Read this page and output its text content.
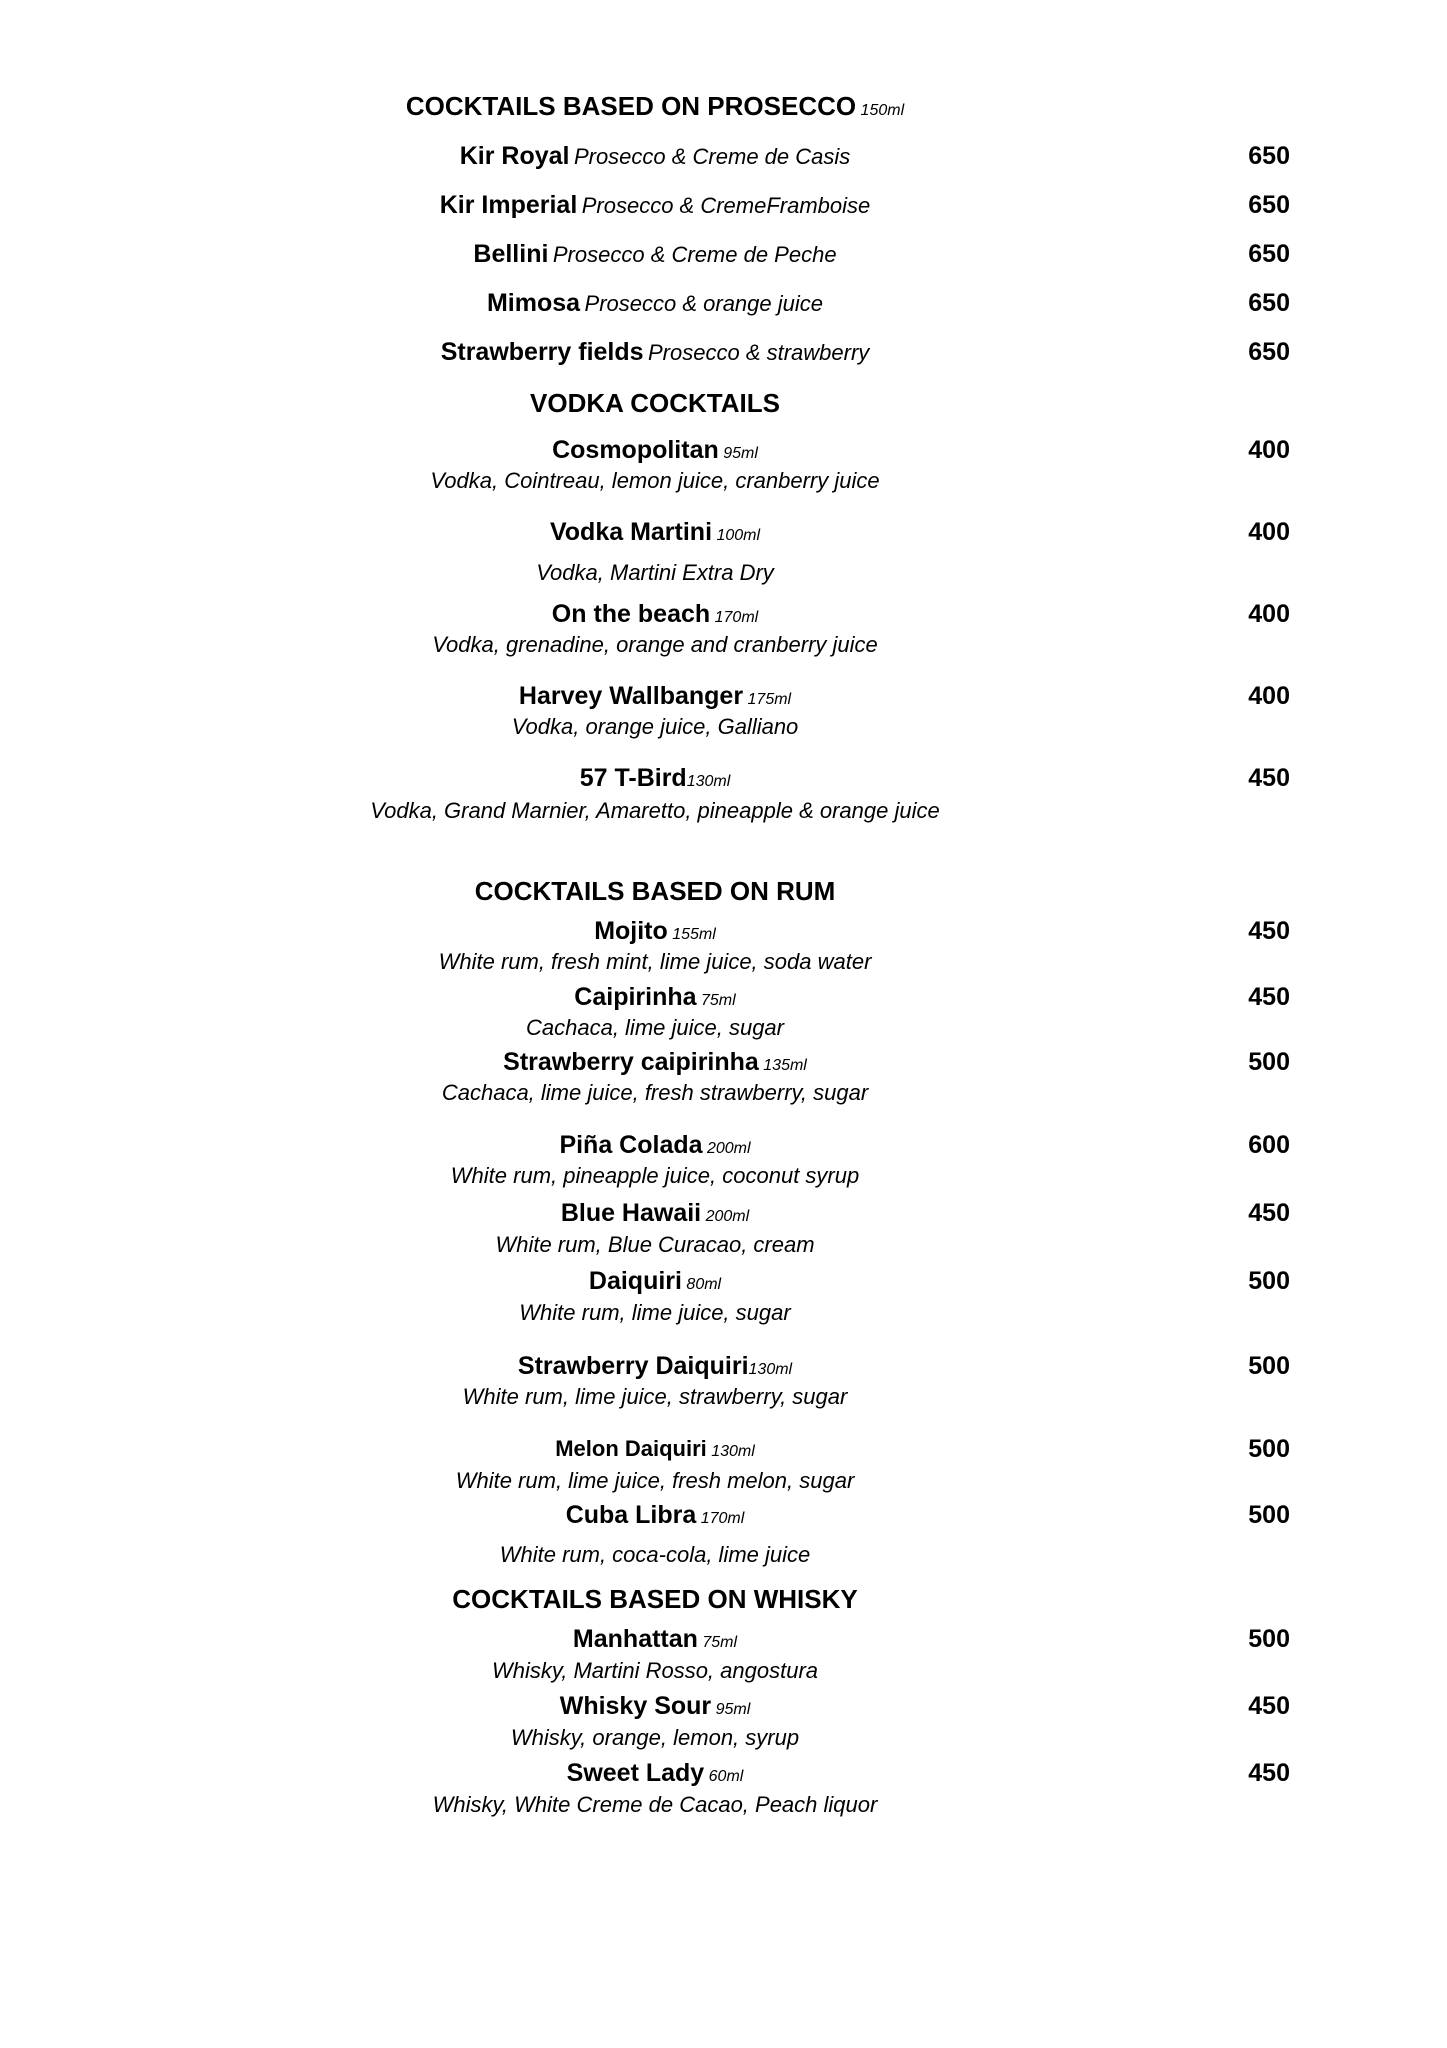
COCKTAILS BASED ON PROSECCO 150ml
Kir Royal Prosecco & Creme de Casis	650
Kir Imperial Prosecco & CremeFramboise	650
Bellini Prosecco & Creme de Peche	650
Mimosa Prosecco & orange juice	650
Strawberry fields Prosecco & strawberry	650
VODKA COCKTAILS
Cosmopolitan 95ml	400
Vodka, Cointreau, lemon juice, cranberry juice
Vodka Martini 100ml	400
Vodka, Martini Extra Dry
On the beach 170ml	400
Vodka, grenadine, orange and cranberry juice
Harvey Wallbanger 175ml	400
Vodka, orange juice, Galliano
57 T-Bird130ml	450
Vodka, Grand Marnier, Amaretto, pineapple & orange juice
COCKTAILS BASED ON RUM
Mojito 155ml	450
White rum, fresh mint, lime juice, soda water
Caipirinha 75ml	450
Cachaca, lime juice, sugar
Strawberry caipirinha 135ml	500
Cachaca, lime juice, fresh strawberry, sugar
Piña Colada 200ml	600
White rum, pineapple juice, coconut syrup
Blue Hawaii 200ml	450
White rum, Blue Curacao, cream
Daiquiri 80ml	500
White rum, lime juice, sugar
Strawberry Daiquiri130ml	500
White rum, lime juice, strawberry, sugar
Melon Daiquiri 130ml	500
White rum, lime juice, fresh melon, sugar
Cuba Libra 170ml	500
White rum, coca-cola, lime juice
COCKTAILS BASED ON WHISKY
Manhattan 75ml	500
Whisky, Martini Rosso, angostura
Whisky Sour 95ml	450
Whisky, orange, lemon, syrup
Sweet Lady 60ml	450
Whisky, White Creme de Cacao, Peach liquor
